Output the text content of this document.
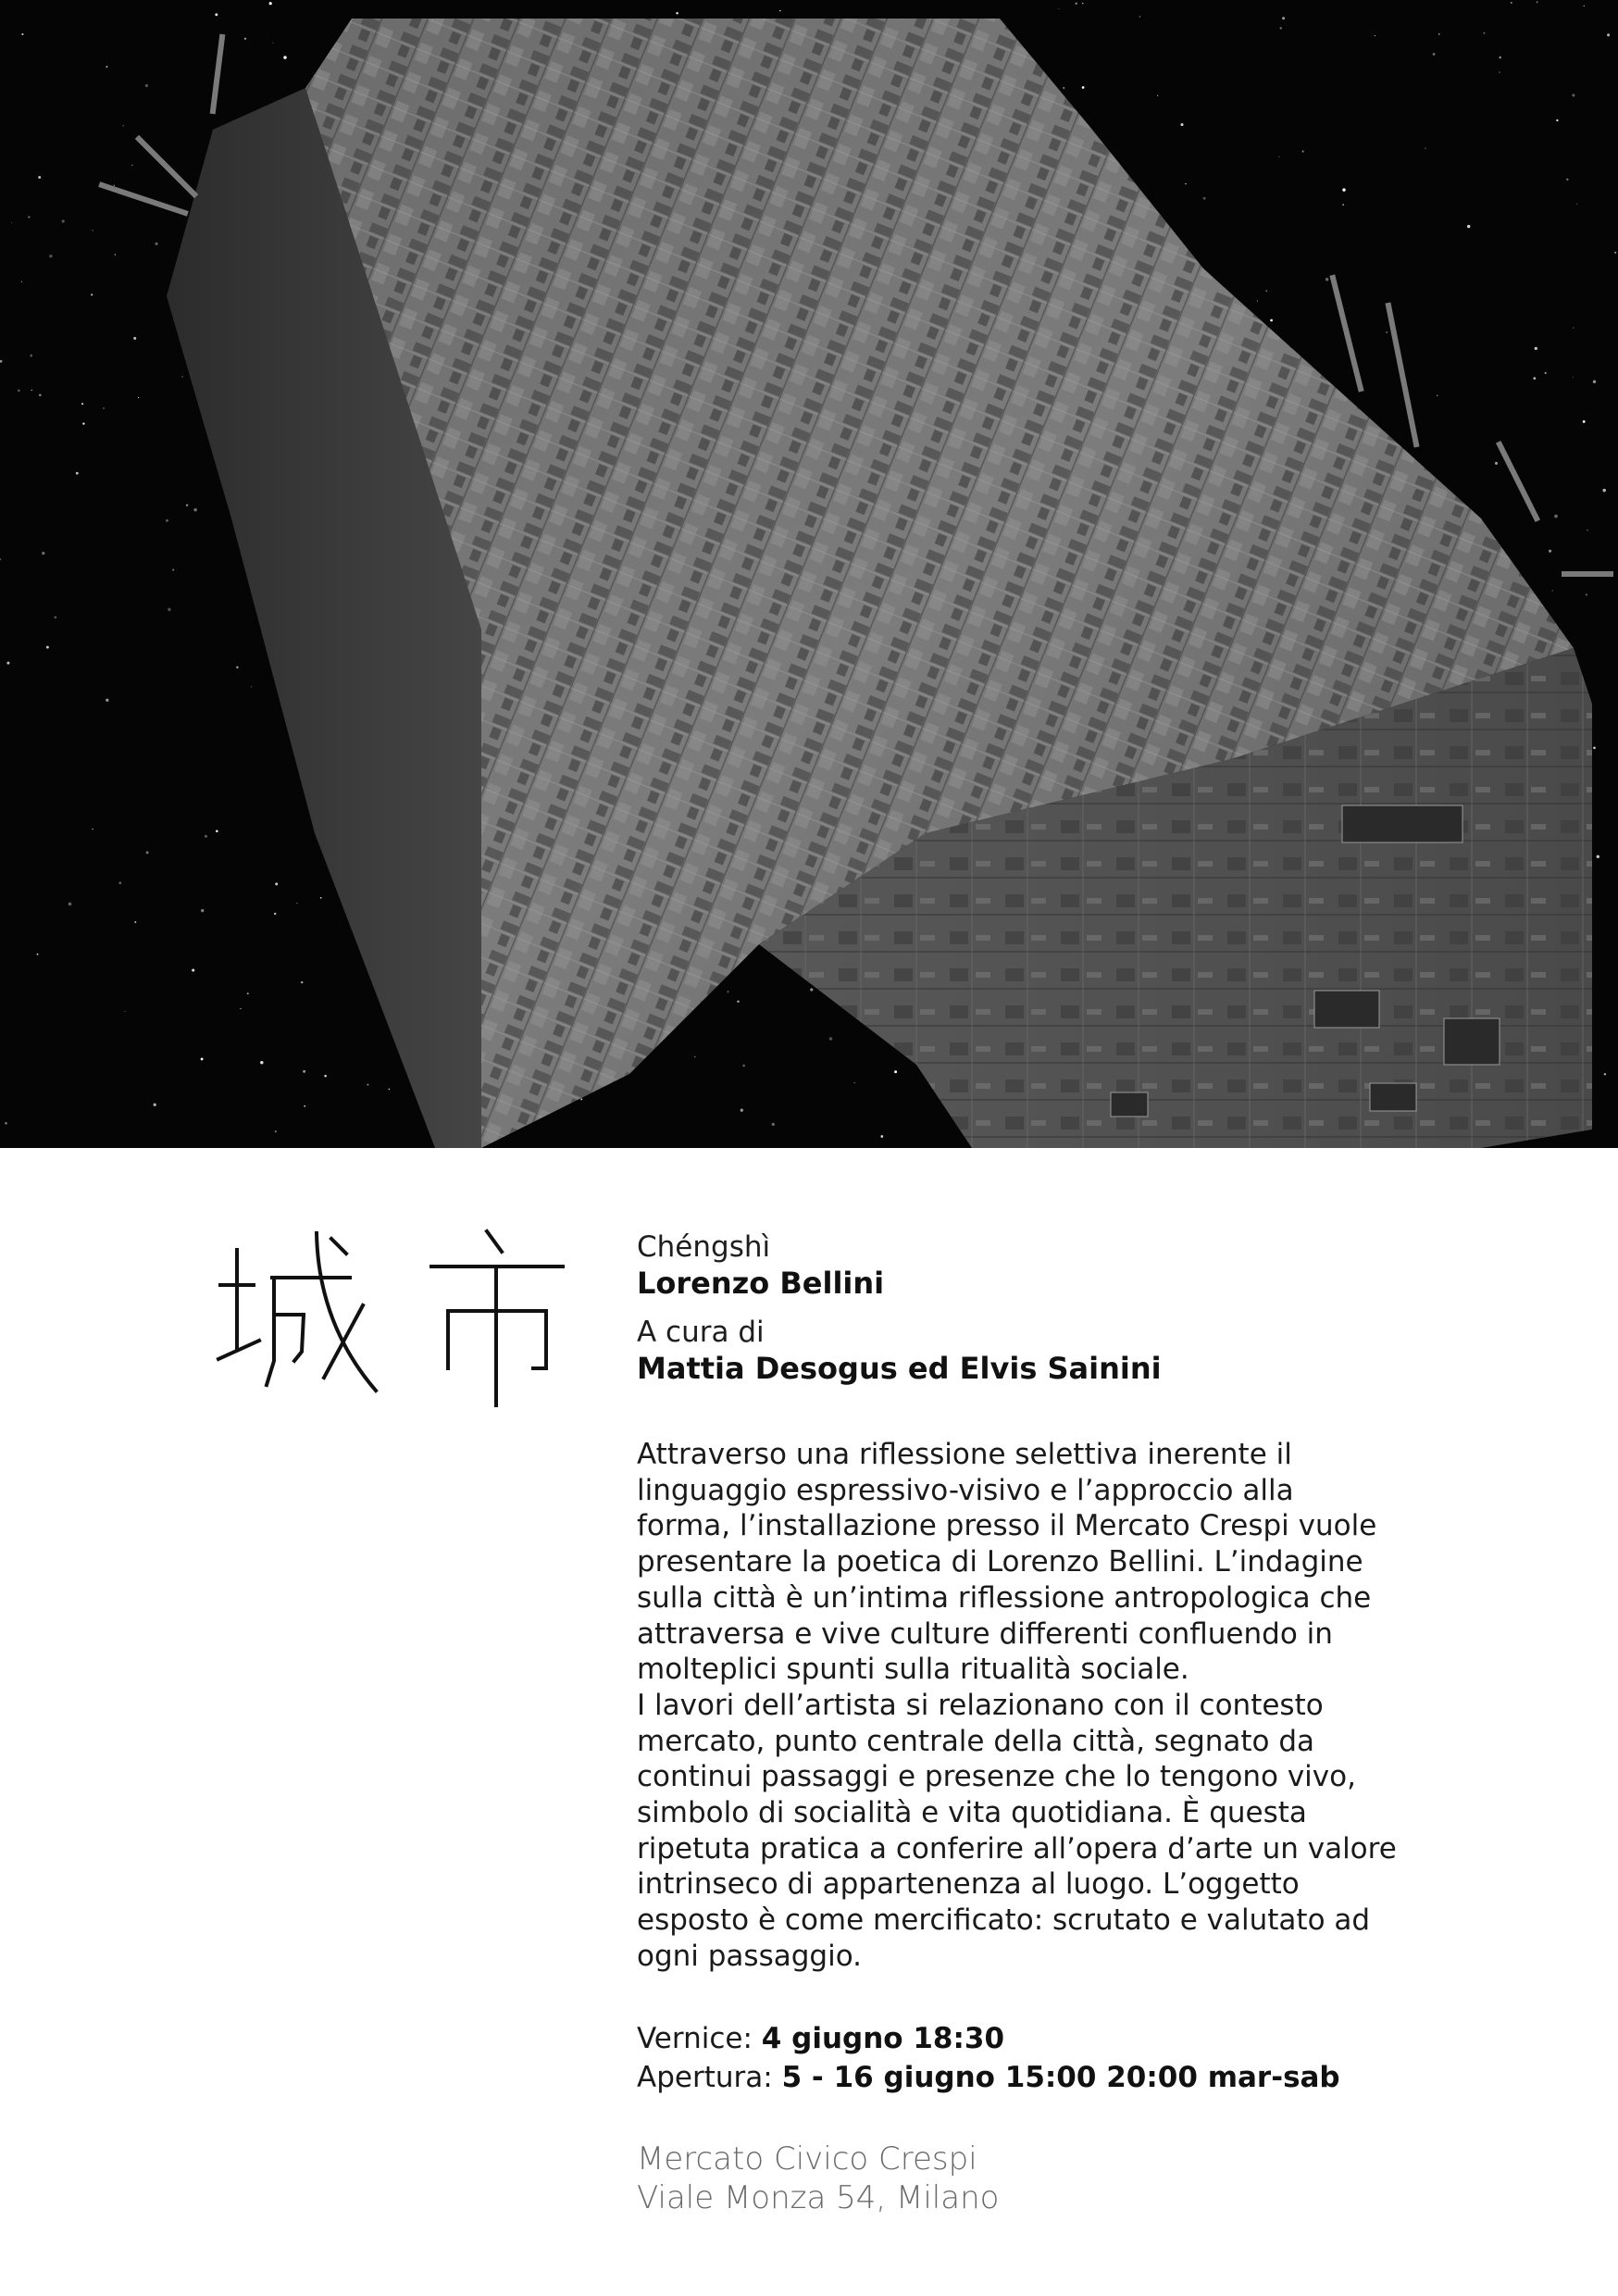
Chéngshì
Lorenzo Bellini
A cura di
Mattia Desogus ed Elvis Sainini

Attraverso una riflessione selettiva inerente il

linguaggio espressivo-visivo e l’approccio alla

forma, l’installazione presso il Mercato Crespi vuole

presentare la poetica di Lorenzo Bellini. L’indagine

sulla città è un’intima riflessione antropologica che

attraversa e vive culture differenti confluendo in

molteplici spunti sulla ritualità sociale.

I lavori dell’artista si relazionano con il contesto

mercato, punto centrale della città, segnato da

continui passaggi e presenze che lo tengono vivo,

simbolo di socialità e vita quotidiana. È questa

ripetuta pratica a conferire all’opera d’arte un valore

intrinseco di appartenenza al luogo. L’oggetto

esposto è come mercificato: scrutato e valutato ad

ogni passaggio.

Vernice: 4 giugno 18:30
Apertura: 5 - 16 giugno 15:00 20:00 mar-sab
Mercato Civico Crespi
Viale Monza 54, Milano
